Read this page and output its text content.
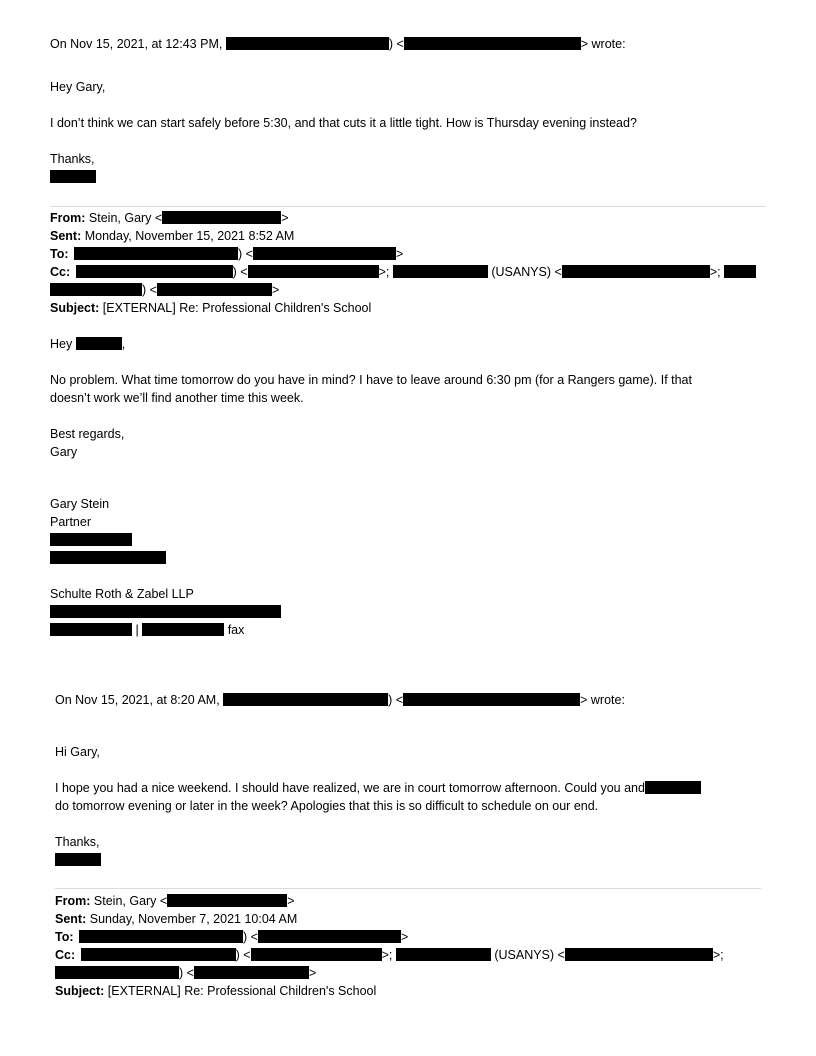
On Nov 15, 2021, at 12:43 PM,	) <	> wrote:
Hey Gary,
I don’t think we can start safely before 5:30, and that cuts it a little tight. How is Thursday evening instead?
Thanks,
From: Stein, Gary <	>
Sent: Monday, November 15, 2021 8:52 AM
To:	) <	>
Cc:	) <	>;	(USANYS) <	>;
) <	>
Subject: [EXTERNAL] Re: Professional Children's School
Hey	,
No problem. What time tomorrow do you have in mind? I have to leave around 6:30 pm (for a Rangers game). If that
doesn’t work we’ll find another time this week.
Best regards,
Gary
Gary Stein
Partner
Schulte Roth & Zabel LLP
|	fax
On Nov 15, 2021, at 8:20 AM,	) <	> wrote:
Hi Gary,
I hope you had a nice weekend. I should have realized, we are in court tomorrow afternoon. Could you and
do tomorrow evening or later in the week? Apologies that this is so difficult to schedule on our end.
Thanks,
From: Stein, Gary <	>
Sent: Sunday, November 7, 2021 10:04 AM
To:	) <	>
Cc:	) <	>;	(USANYS) <	>;
) <	>
Subject: [EXTERNAL] Re: Professional Children's School
